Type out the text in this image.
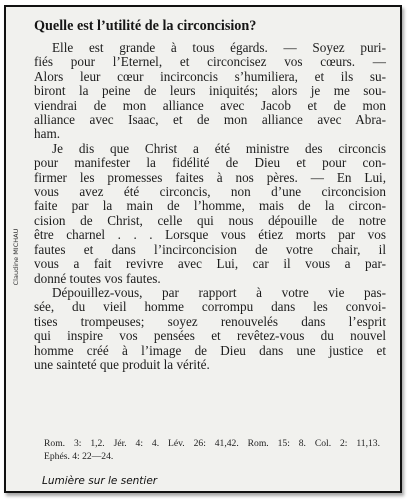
Claudine MICHAU
Quelle est l’utilité de la circoncision?
Elle est grande à tous égards. — Soyez puri-
fiés pour l’Eternel, et circoncisez vos cœurs. —
Alors leur cœur incirconcis s’humiliera, et ils su-
biront la peine de leurs iniquités; alors je me sou-
viendrai de mon alliance avec Jacob et de mon
alliance avec Isaac, et de mon alliance avec Abra-
ham.
Je dis que Christ a été ministre des circoncis
pour manifester la fidélité de Dieu et pour con-
firmer les promesses faites à nos pères. — En Lui,
vous avez été circoncis, non d’une circoncision
faite par la main de l’homme, mais de la circon-
cision de Christ, celle qui nous dépouille de notre
être charnel . . . Lorsque vous étiez morts par vos
fautes et dans l’incirconcision de votre chair, il
vous a fait revivre avec Lui, car il vous a par-
donné toutes vos fautes.
Dépouillez-vous, par rapport à votre vie pas-
sée, du vieil homme corrompu dans les convoi-
tises trompeuses; soyez renouvelés dans l’esprit
qui inspire vos pensées et revêtez-vous du nouvel
homme créé à l’image de Dieu dans une justice et
une sainteté que produit la vérité.
Rom. 3: 1,2. Jér. 4: 4. Lév. 26: 41,42. Rom. 15: 8. Col. 2: 11,13.
Ephés. 4: 22—24.
Lumière sur le sentier
